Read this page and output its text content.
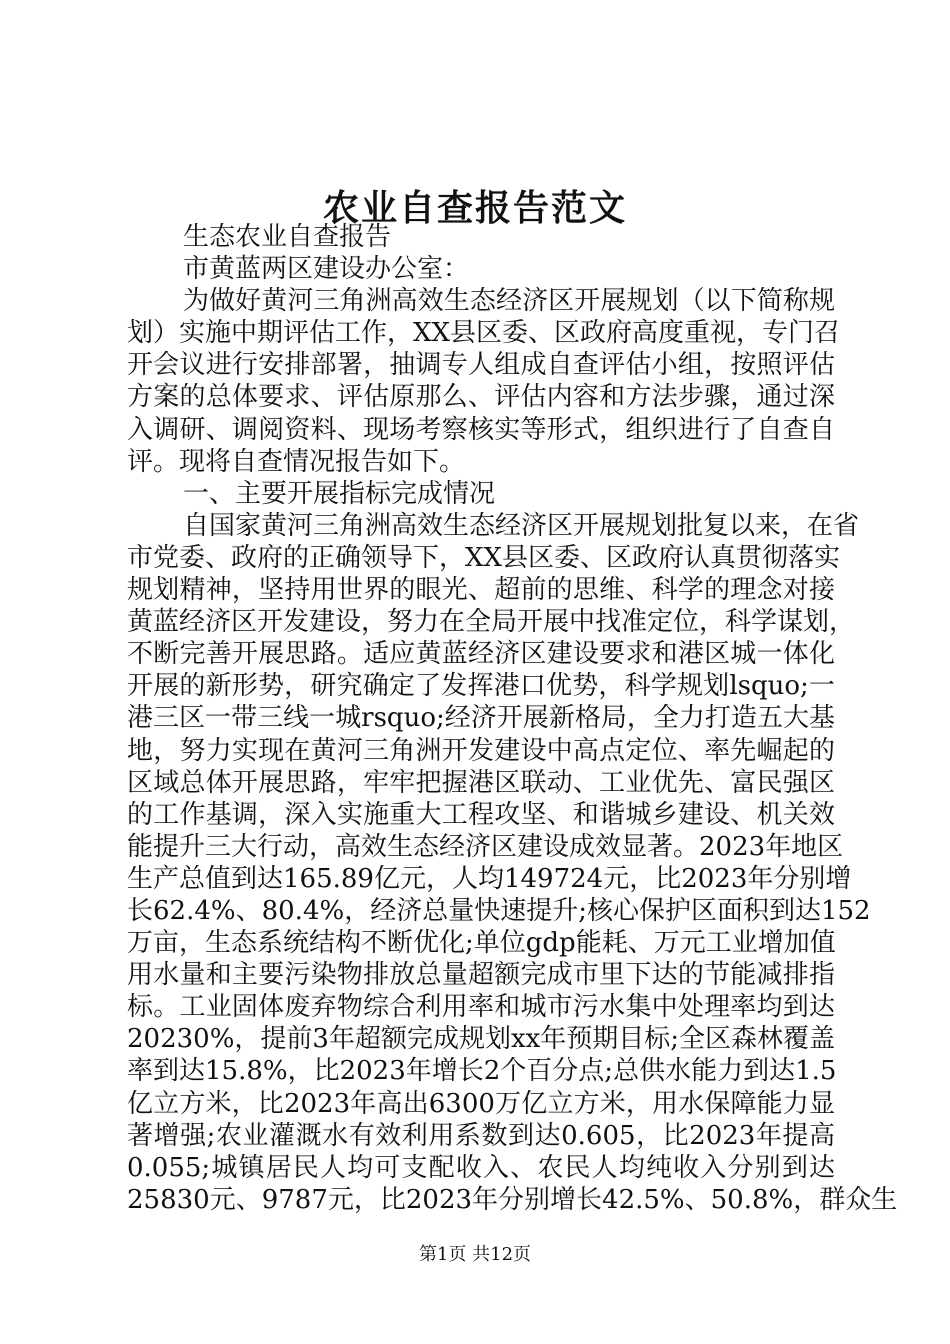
农业自查报告范文
生态农业自查报告
市黄蓝两区建设办公室：
为做好黄河三角洲高效生态经济区开展规划（以下简称规
划）实施中期评估工作，XX县区委、区政府高度重视，专门召
开会议进行安排部署，抽调专人组成自查评估小组，按照评估
方案的总体要求、评估原那么、评估内容和方法步骤，通过深
入调研、调阅资料、现场考察核实等形式，组织进行了自查自
评。现将自查情况报告如下。
一、主要开展指标完成情况
自国家黄河三角洲高效生态经济区开展规划批复以来，在省
市党委、政府的正确领导下，XX县区委、区政府认真贯彻落实
规划精神，坚持用世界的眼光、超前的思维、科学的理念对接
黄蓝经济区开发建设，努力在全局开展中找准定位，科学谋划，
不断完善开展思路。适应黄蓝经济区建设要求和港区城一体化
开展的新形势，研究确定了发挥港口优势，科学规划lsquo;一
港三区一带三线一城rsquo;经济开展新格局，全力打造五大基
地，努力实现在黄河三角洲开发建设中高点定位、率先崛起的
区域总体开展思路，牢牢把握港区联动、工业优先、富民强区
的工作基调，深入实施重大工程攻坚、和谐城乡建设、机关效
能提升三大行动，高效生态经济区建设成效显著。2023年地区
生产总值到达165.89亿元，人均149724元，比2023年分别增
长62.4%、80.4%，经济总量快速提升;核心保护区面积到达152
万亩，生态系统结构不断优化;单位gdp能耗、万元工业增加值
用水量和主要污染物排放总量超额完成市里下达的节能减排指
标。工业固体废弃物综合利用率和城市污水集中处理率均到达
20230%，提前3年超额完成规划xx年预期目标;全区森林覆盖
率到达15.8%，比2023年增长2个百分点;总供水能力到达1.5
亿立方米，比2023年高出6300万亿立方米，用水保障能力显
著增强;农业灌溉水有效利用系数到达0.605，比2023年提高
0.055;城镇居民人均可支配收入、农民人均纯收入分别到达
25830元、9787元，比2023年分别增长42.5%、50.8%，群众生
第1页 共12页
